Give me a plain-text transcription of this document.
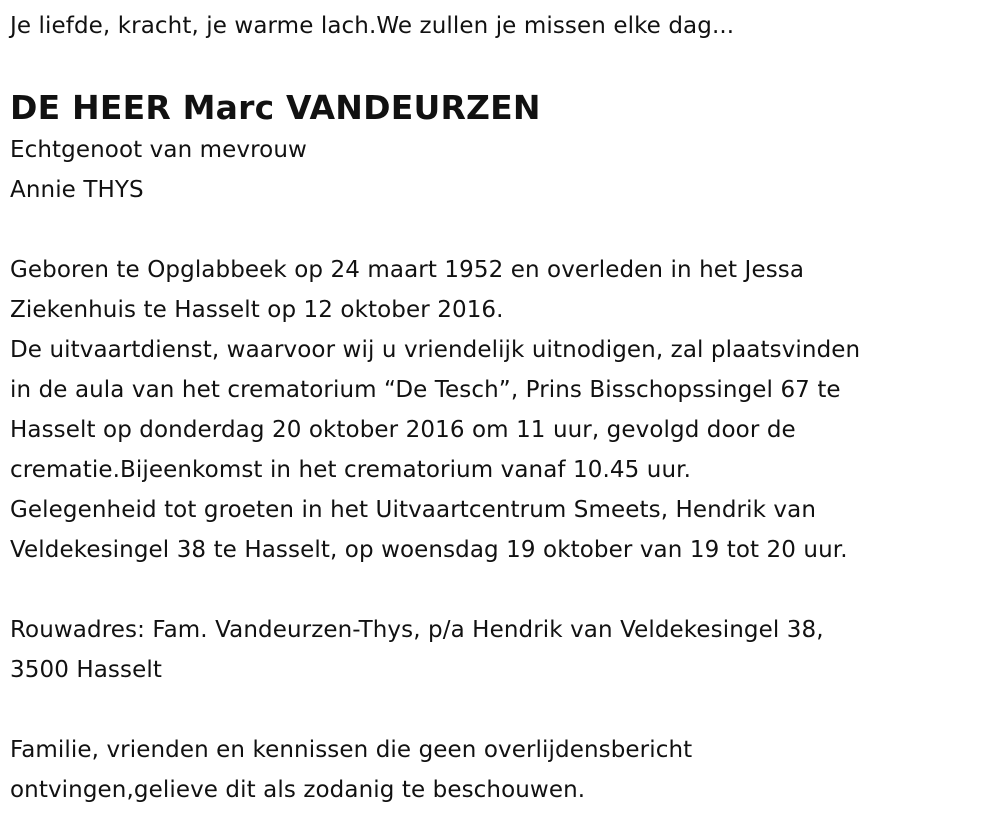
Je liefde, kracht, je warme lach.We zullen je missen elke dag...
DE HEER Marc VANDEURZEN
Echtgenoot van mevrouw
Annie THYS
Geboren te Opglabbeek op 24 maart 1952 en overleden in het Jessa
Ziekenhuis te Hasselt op 12 oktober 2016.
De uitvaartdienst, waarvoor wij u vriendelijk uitnodigen, zal plaatsvinden
in de aula van het crematorium “De Tesch”, Prins Bisschopssingel 67 te
Hasselt op donderdag 20 oktober 2016 om 11 uur, gevolgd door de
crematie.Bijeenkomst in het crematorium vanaf 10.45 uur.
Gelegenheid tot groeten in het Uitvaartcentrum Smeets, Hendrik van
Veldekesingel 38 te Hasselt, op woensdag 19 oktober van 19 tot 20 uur.
Rouwadres: Fam. Vandeurzen-Thys, p/a Hendrik van Veldekesingel 38,
3500 Hasselt
Familie, vrienden en kennissen die geen overlijdensbericht
ontvingen,gelieve dit als zodanig te beschouwen.
